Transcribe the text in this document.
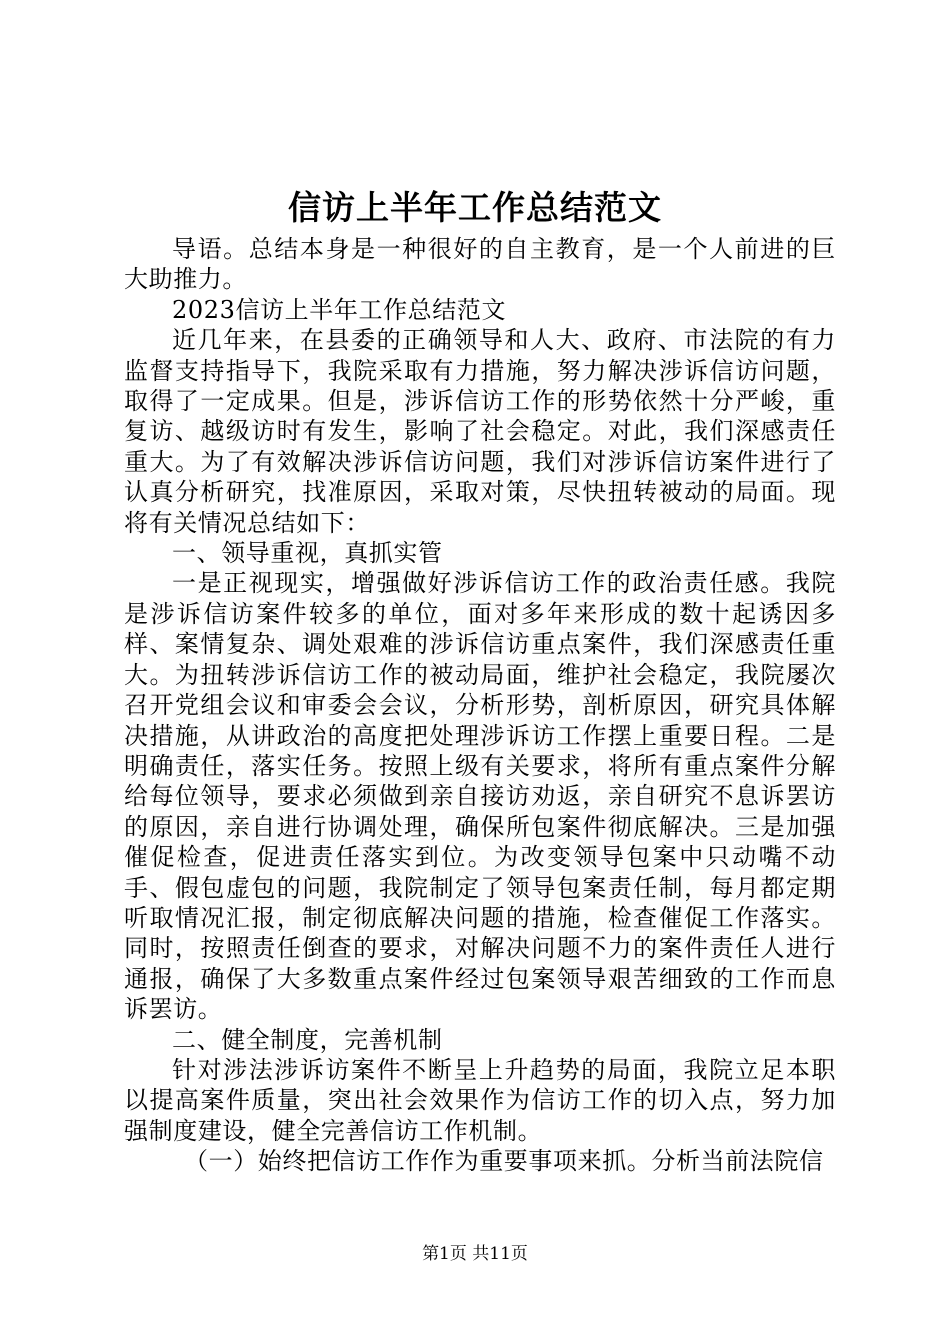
信访上半年工作总结范文

导语。总结本身是一种很好的自主教育，是一个人前进的巨大助推力。

2023信访上半年工作总结范文

近几年来，在县委的正确领导和人大、政府、市法院的有力监督支持指导下，我院采取有力措施，努力解决涉诉信访问题，取得了一定成果。但是，涉诉信访工作的形势依然十分严峻，重复访、越级访时有发生，影响了社会稳定。对此，我们深感责任重大。为了有效解决涉诉信访问题，我们对涉诉信访案件进行了认真分析研究，找准原因，采取对策，尽快扭转被动的局面。现将有关情况总结如下：

一、领导重视，真抓实管

一是正视现实，增强做好涉诉信访工作的政治责任感。我院是涉诉信访案件较多的单位，面对多年来形成的数十起诱因多样、案情复杂、调处艰难的涉诉信访重点案件，我们深感责任重大。为扭转涉诉信访工作的被动局面，维护社会稳定，我院屡次召开党组会议和审委会会议，分析形势，剖析原因，研究具体解决措施，从讲政治的高度把处理涉诉访工作摆上重要日程。二是明确责任，落实任务。按照上级有关要求，将所有重点案件分解给每位领导，要求必须做到亲自接访劝返，亲自研究不息诉罢访的原因，亲自进行协调处理，确保所包案件彻底解决。三是加强催促检查，促进责任落实到位。为改变领导包案中只动嘴不动手、假包虚包的问题，我院制定了领导包案责任制，每月都定期听取情况汇报，制定彻底解决问题的措施，检查催促工作落实。同时，按照责任倒查的要求，对解决问题不力的案件责任人进行通报，确保了大多数重点案件经过包案领导艰苦细致的工作而息诉罢访。

二、健全制度，完善机制

针对涉法涉诉访案件不断呈上升趋势的局面，我院立足本职以提高案件质量，突出社会效果作为信访工作的切入点，努力加强制度建设，健全完善信访工作机制。

（一）始终把信访工作作为重要事项来抓。分析当前法院信

第1页 共11页
